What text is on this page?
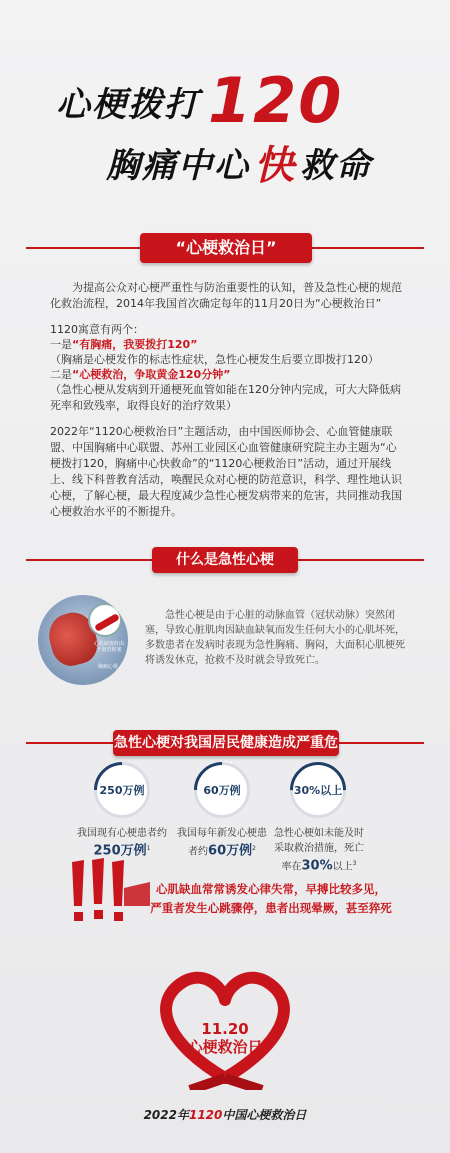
心梗拨打 120
胸痛中心 快 救命
“心梗救治日”
为提高公众对心梗严重性与防治重要性的认知，普及急性心梗的规范化救治流程，2014年我国首次确定每年的11月20日为“心梗救治日”
1120寓意有两个：
一是“有胸痛，我要拨打120”
（胸痛是心梗发作的标志性症状，急性心梗发生后要立即拨打120）
二是“心梗救治，争取黄金120分钟”
（急性心梗从发病到开通梗死血管如能在120分钟内完成，可大大降低病死率和致残率，取得良好的治疗效果）
2022年“1120心梗救治日”主题活动，由中国医师协会、心血管健康联盟、中国胸痛中心联盟、苏州工业园区心血管健康研究院主办主题为“心梗拨打120，胸痛中心快救命”的“1120心梗救治日”活动，通过开展线上、线下科普教育活动，唤醒民众对心梗的防范意识，科学、理性地认识心梗，了解心梗，最大程度减少急性心梗发病带来的危害，共同推动我国心梗救治水平的不断提升。
什么是急性心梗
心肌缺血时由于血管阻塞
胸痛心梗
急性心梗是由于心脏的动脉血管（冠状动脉）突然闭塞，导致心脏肌肉因缺血缺氧而发生任何大小的心肌坏死，多数患者在发病时表现为急性胸痛、胸闷，大面积心肌梗死将诱发休克，抢救不及时就会导致死亡。
急性心梗对我国居民健康造成严重危
250万例
我国现有心梗患者约
250万例$^1$
60万例
我国每年新发心梗患
者约60万例$^2$
30%以上
急性心梗如未能及时
采取救治措施，死亡
率在30%以上$^3$
心肌缺血常常诱发心律失常，早搏比较多见，
严重者发生心跳骤停，患者出现晕厥，甚至猝死
11.20
心梗救治日
2022年1120中国心梗救治日
